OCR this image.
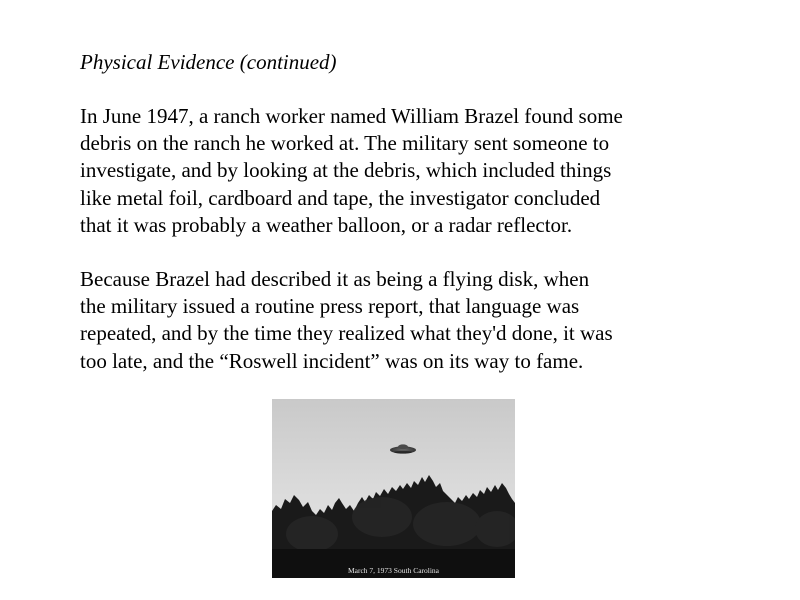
Physical Evidence (continued)

In June 1947, a ranch worker named William Brazel found some
debris on the ranch he worked at. The military sent someone to
investigate, and by looking at the debris, which included things
like metal foil, cardboard and tape, the investigator concluded
that it was probably a weather balloon, or a radar reflector.

Because Brazel had described it as being a flying disk, when
the military issued a routine press report, that language was
repeated, and by the time they realized what they'd done, it was
too late, and the “Roswell incident” was on its way to fame.

March 7, 1973 South Carolina
